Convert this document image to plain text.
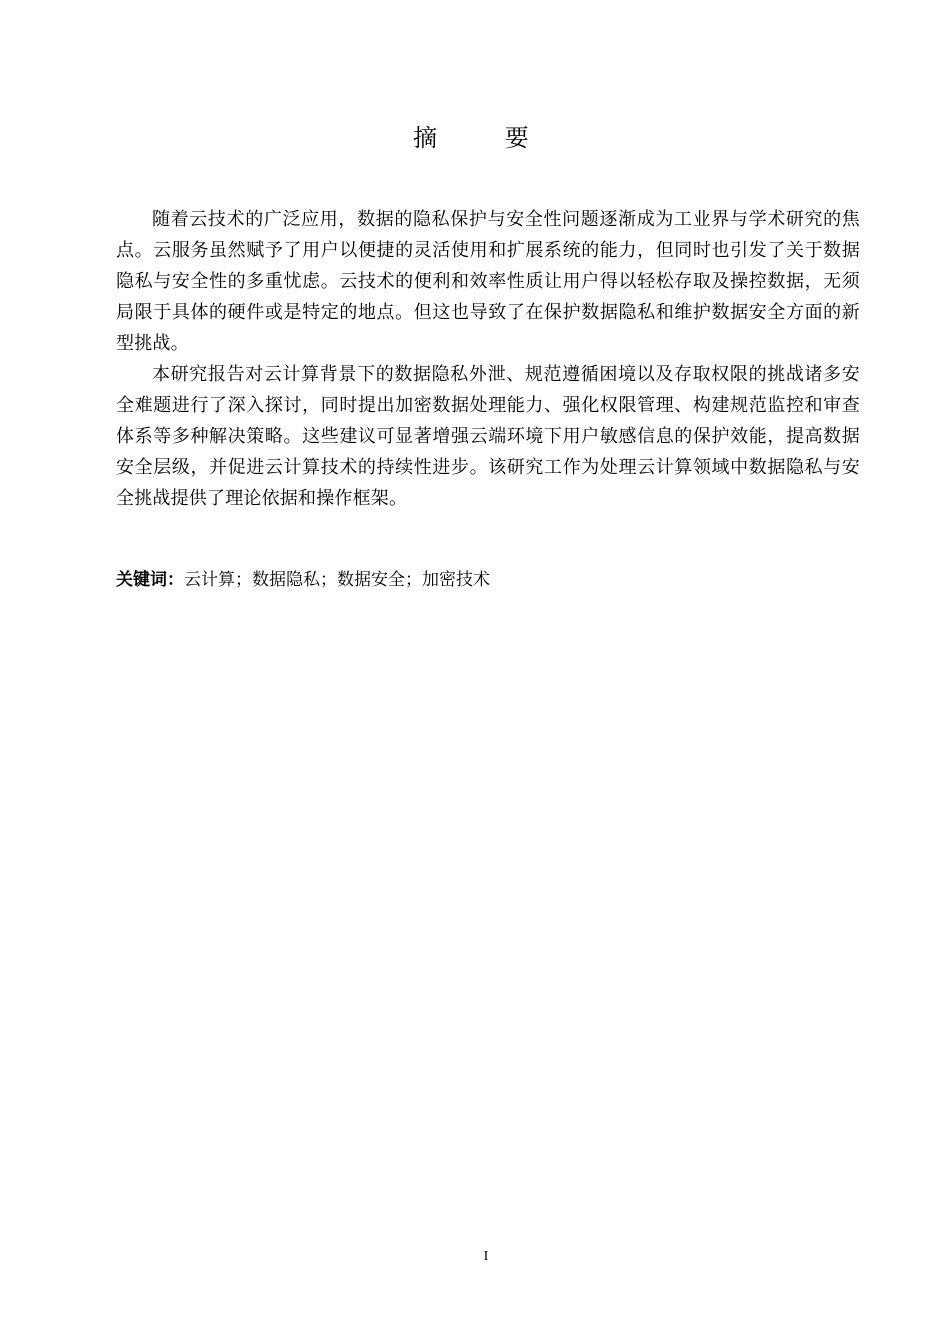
摘 要

随着云技术的广泛应用，数据的隐私保护与安全性问题逐渐成为工业界与学术研究的焦点。云服务虽然赋予了用户以便捷的灵活使用和扩展系统的能力，但同时也引发了关于数据隐私与安全性的多重忧虑。云技术的便利和效率性质让用户得以轻松存取及操控数据，无须局限于具体的硬件或是特定的地点。但这也导致了在保护数据隐私和维护数据安全方面的新型挑战。

本研究报告对云计算背景下的数据隐私外泄、规范遵循困境以及存取权限的挑战诸多安全难题进行了深入探讨，同时提出加密数据处理能力、强化权限管理、构建规范监控和审查体系等多种解决策略。这些建议可显著增强云端环境下用户敏感信息的保护效能，提高数据安全层级，并促进云计算技术的持续性进步。该研究工作为处理云计算领域中数据隐私与安全挑战提供了理论依据和操作框架。

关键词：云计算；数据隐私；数据安全；加密技术
I
